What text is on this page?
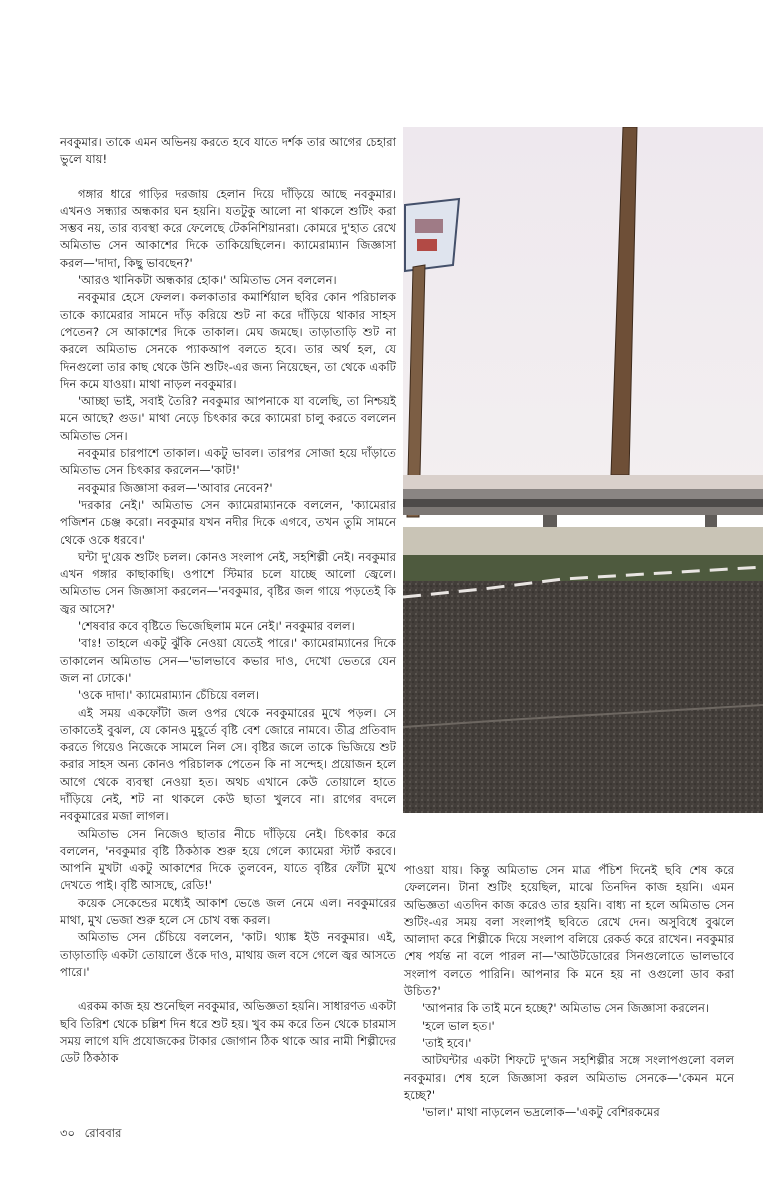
নবকুমার। তাকে এমন অভিনয় করতে হবে যাতে দর্শক তার আগের চেহারা ভুলে যায়!

গঙ্গার ধারে গাড়ির দরজায় হেলান দিয়ে দাঁড়িয়ে আছে নবকুমার। এখনও সন্ধ্যার অন্ধকার ঘন হয়নি। যতটুকু আলো না থাকলে শুটিং করা সম্ভব নয়, তার ব্যবস্থা করে ফেলেছে টেকনিশিয়ানরা। কোমরে দু'হাত রেখে অমিতাভ সেন আকাশের দিকে তাকিয়েছিলেন। ক্যামেরাম্যান জিজ্ঞাসা করল—'দাদা, কিছু ভাবছেন?'

'আরও খানিকটা অন্ধকার হোক।' অমিতাভ সেন বললেন।

নবকুমার হেসে ফেলল। কলকাতার কমার্শিয়াল ছবির কোন পরিচালক তাকে ক্যামেরার সামনে দাঁড় করিয়ে শুট না করে দাঁড়িয়ে থাকার সাহস পেতেন? সে আকাশের দিকে তাকাল। মেঘ জমছে। তাড়াতাড়ি শুট না করলে অমিতাভ সেনকে প্যাকআপ বলতে হবে। তার অর্থ হল, যে দিনগুলো তার কাছ থেকে উনি শুটিং-এর জন্য নিয়েছেন, তা থেকে একটি দিন কমে যাওয়া। মাথা নাড়ল নবকুমার।

'আচ্ছা ভাই, সবাই তৈরি? নবকুমার আপনাকে যা বলেছি, তা নিশ্চয়ই মনে আছে? গুড।' মাথা নেড়ে চিৎকার করে ক্যামেরা চালু করতে বললেন অমিতাভ সেন।

নবকুমার চারপাশে তাকাল। একটু ভাবল। তারপর সোজা হয়ে দাঁড়াতে অমিতাভ সেন চিৎকার করলেন—'কাট!'

নবকুমার জিজ্ঞাসা করল—'আবার নেবেন?'

'দরকার নেই।' অমিতাভ সেন ক্যামেরাম্যানকে বললেন, 'ক্যামেরার পজিশন চেঞ্জ করো। নবকুমার যখন নদীর দিকে এগবে, তখন তুমি সামনে থেকে ওকে ধরবে।'

ঘন্টা দু'য়েক শুটিং চলল। কোনও সংলাপ নেই, সহশিল্পী নেই। নবকুমার এখন গঙ্গার কাছাকাছি। ওপাশে স্টিমার চলে যাচ্ছে আলো জ্বেলে। অমিতাভ সেন জিজ্ঞাসা করলেন—'নবকুমার, বৃষ্টির জল গায়ে পড়তেই কি জ্বর আসে?'

'শেষবার কবে বৃষ্টিতে ভিজেছিলাম মনে নেই।' নবকুমার বলল।

'বাঃ! তাহলে একটু ঝুঁকি নেওয়া যেতেই পারে।' ক্যামেরাম্যানের দিকে তাকালেন অমিতাভ সেন—'ভালভাবে কভার দাও, দেখো ভেতরে যেন জল না ঢোকে।'

'ওকে দাদা।' ক্যামেরাম্যান চেঁচিয়ে বলল।

এই সময় একফোঁটা জল ওপর থেকে নবকুমারের মুখে পড়ল। সে তাকাতেই বুঝল, যে কোনও মুহূর্তে বৃষ্টি বেশ জোরে নামবে। তীব্র প্রতিবাদ করতে গিয়েও নিজেকে সামলে নিল সে। বৃষ্টির জলে তাকে ভিজিয়ে শুট করার সাহস অন্য কোনও পরিচালক পেতেন কি না সন্দেহ। প্রয়োজন হলে আগে থেকে ব্যবস্থা নেওয়া হত। অথচ এখানে কেউ তোয়ালে হাতে দাঁড়িয়ে নেই, শট না থাকলে কেউ ছাতা খুলবে না। রাগের বদলে নবকুমারের মজা লাগল।

অমিতাভ সেন নিজেও ছাতার নীচে দাঁড়িয়ে নেই। চিৎকার করে বললেন, 'নবকুমার বৃষ্টি ঠিকঠাক শুরু হয়ে গেলে ক্যামেরা স্টার্ট করবে। আপনি মুখটা একটু আকাশের দিকে তুলবেন, যাতে বৃষ্টির ফোঁটা মুখে দেখতে পাই। বৃষ্টি আসছে, রেডি!'

কয়েক সেকেন্ডের মধ্যেই আকাশ ভেঙে জল নেমে এল। নবকুমারের মাথা, মুখ ভেজা শুরু হলে সে চোখ বন্ধ করল।

অমিতাভ সেন চেঁচিয়ে বললেন, 'কাট। থ্যাঙ্ক ইউ নবকুমার। এই, তাড়াতাড়ি একটা তোয়ালে ওঁকে দাও, মাথায় জল বসে গেলে জ্বর আসতে পারে।'

এরকম কাজ হয় শুনেছিল নবকুমার, অভিজ্ঞতা হয়নি। সাধারণত একটা ছবি তিরিশ থেকে চল্লিশ দিন ধরে শুট হয়। খুব কম করে তিন থেকে চারমাস সময় লাগে যদি প্রযোজকের টাকার জোগান ঠিক থাকে আর নামী শিল্পীদের ডেট ঠিকঠাক

পাওয়া যায়। কিন্তু অমিতাভ সেন মাত্র পঁচিশ দিনেই ছবি শেষ করে ফেললেন। টানা শুটিং হয়েছিল, মাঝে তিনদিন কাজ হয়নি। এমন অভিজ্ঞতা এতদিন কাজ করেও তার হয়নি। বাধ্য না হলে অমিতাভ সেন শুটিং-এর সময় বলা সংলাপই ছবিতে রেখে দেন। অসুবিধে বুঝলে আলাদা করে শিল্পীকে দিয়ে সংলাপ বলিয়ে রেকর্ড করে রাখেন। নবকুমার শেষ পর্যন্ত না বলে পারল না—'আউটডোরের সিনগুলোতে ভালভাবে সংলাপ বলতে পারিনি। আপনার কি মনে হয় না ওগুলো ডাব করা উচিত?'

'আপনার কি তাই মনে হচ্ছে?' অমিতাভ সেন জিজ্ঞাসা করলেন।

'হলে ভাল হত।'

'তাই হবে।'

আটঘন্টার একটা শিফটে দু'জন সহশিল্পীর সঙ্গে সংলাপগুলো বলল নবকুমার। শেষ হলে জিজ্ঞাসা করল অমিতাভ সেনকে—'কেমন মনে হচ্ছে?'

'ভাল।' মাথা নাড়লেন ভদ্রলোক—'একটু বেশিরকমের

৩০ রোববার
